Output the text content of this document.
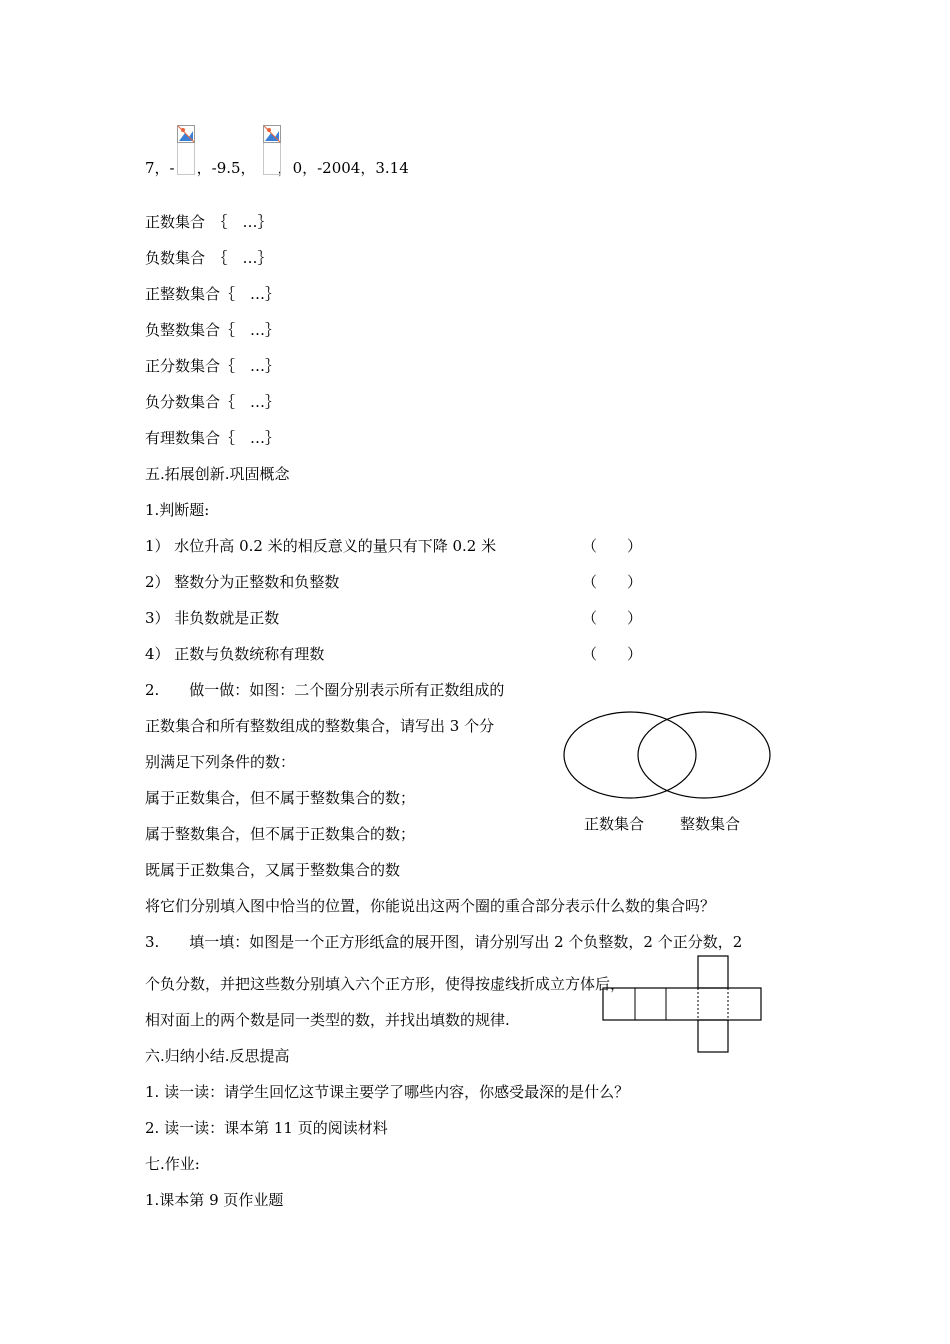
7，- ，-9.5， ，0，-2004，3.14
正数集合　｛　…｝
负数集合　｛　…｝
正整数集合｛　…｝
负整数集合｛　…｝
正分数集合｛　…｝
负分数集合｛　…｝
有理数集合｛　…｝
五.拓展创新.巩固概念
1.判断题:
1） 水位升高 0.2 米的相反意义的量只有下降 0.2 米	（　　）
2） 整数分为正整数和负整数	（　　）
3） 非负数就是正数	（　　）
4） 正数与负数统称有理数	（　　）
2.　　做一做：如图：二个圈分别表示所有正数组成的
正数集合和所有整数组成的整数集合，请写出 3 个分
别满足下列条件的数：
属于正数集合，但不属于整数集合的数；
属于整数集合，但不属于正数集合的数；
既属于正数集合，又属于整数集合的数
将它们分别填入图中恰当的位置，你能说出这两个圈的重合部分表示什么数的集合吗？
正数集合 整数集合
3.　　填一填：如图是一个正方形纸盒的展开图，请分别写出 2 个负整数，2 个正分数，2
个负分数，并把这些数分别填入六个正方形，使得按虚线折成立方体后，
相对面上的两个数是同一类型的数，并找出填数的规律.
六.归纳小结.反思提高
1. 读一读：请学生回忆这节课主要学了哪些内容，你感受最深的是什么？
2. 读一读：课本第 11 页的阅读材料
七.作业:
1.课本第 9 页作业题
